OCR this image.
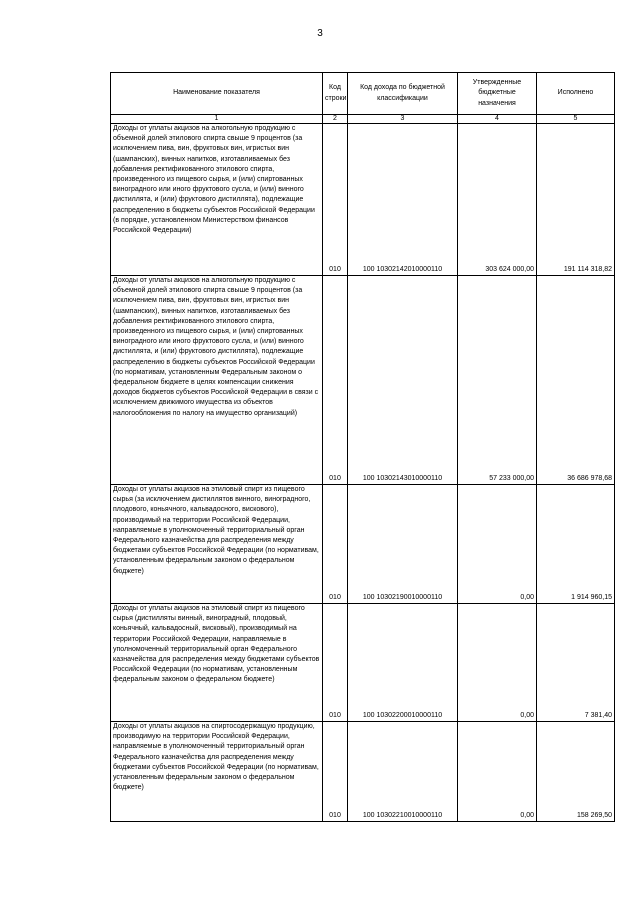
3
Наименование показателя	Код строки	Код дохода по бюджетной классификации	Утвержденные бюджетные назначения	Исполнено
1	2	3	4	5
Доходы от уплаты акцизов на алкогольную продукцию с объемной долей этилового спирта свыше 9 процентов (за исключением пива, вин, фруктовых вин, игристых вин (шампанских), винных напитков, изготавливаемых без добавления ректификованного этилового спирта, произведенного из пищевого сырья, и (или) спиртованных виноградного или иного фруктового сусла, и (или) винного дистиллята, и (или) фруктового дистиллята), подлежащие распределению в бюджеты субъектов Российской Федерации (в порядке, установленном Министерством финансов Российской Федерации)	010	100 10302142010000110	303 624 000,00	191 114 318,82
Доходы от уплаты акцизов на алкогольную продукцию с объемной долей этилового спирта свыше 9 процентов (за исключением пива, вин, фруктовых вин, игристых вин (шампанских), винных напитков, изготавливаемых без добавления ректификованного этилового спирта, произведенного из пищевого сырья, и (или) спиртованных виноградного или иного фруктового сусла, и (или) винного дистиллята, и (или) фруктового дистиллята), подлежащие распределению в бюджеты субъектов Российской Федерации (по нормативам, установленным Федеральным законом о федеральном бюджете в целях компенсации снижения доходов бюджетов субъектов Российской Федерации в связи с исключением движимого имущества из объектов налогообложения по налогу на имущество организаций)	010	100 10302143010000110	57 233 000,00	36 686 978,68
Доходы от уплаты акцизов на этиловый спирт из пищевого сырья (за исключением дистиллятов винного, виноградного, плодового, коньячного, кальвадосного, вискового), производимый на территории Российской Федерации, направляемые в уполномоченный территориальный орган Федерального казначейства для распределения между бюджетами субъектов Российской Федерации (по нормативам, установленным федеральным законом о федеральном бюджете)	010	100 10302190010000110	0,00	1 914 960,15
Доходы от уплаты акцизов на этиловый спирт из пищевого сырья (дистилляты винный, виноградный, плодовый, коньячный, кальвадосный, висковый), производимый на территории Российской Федерации, направляемые в уполномоченный территориальный орган Федерального казначейства для распределения между бюджетами субъектов Российской Федерации (по нормативам, установленным федеральным законом о федеральном бюджете)	010	100 10302200010000110	0,00	7 381,40
Доходы от уплаты акцизов на спиртосодержащую продукцию, производимую на территории Российской Федерации, направляемые в уполномоченный территориальный орган Федерального казначейства для распределения между бюджетами субъектов Российской Федерации (по нормативам, установленным федеральным законом о федеральном бюджете)	010	100 10302210010000110	0,00	158 269,50
